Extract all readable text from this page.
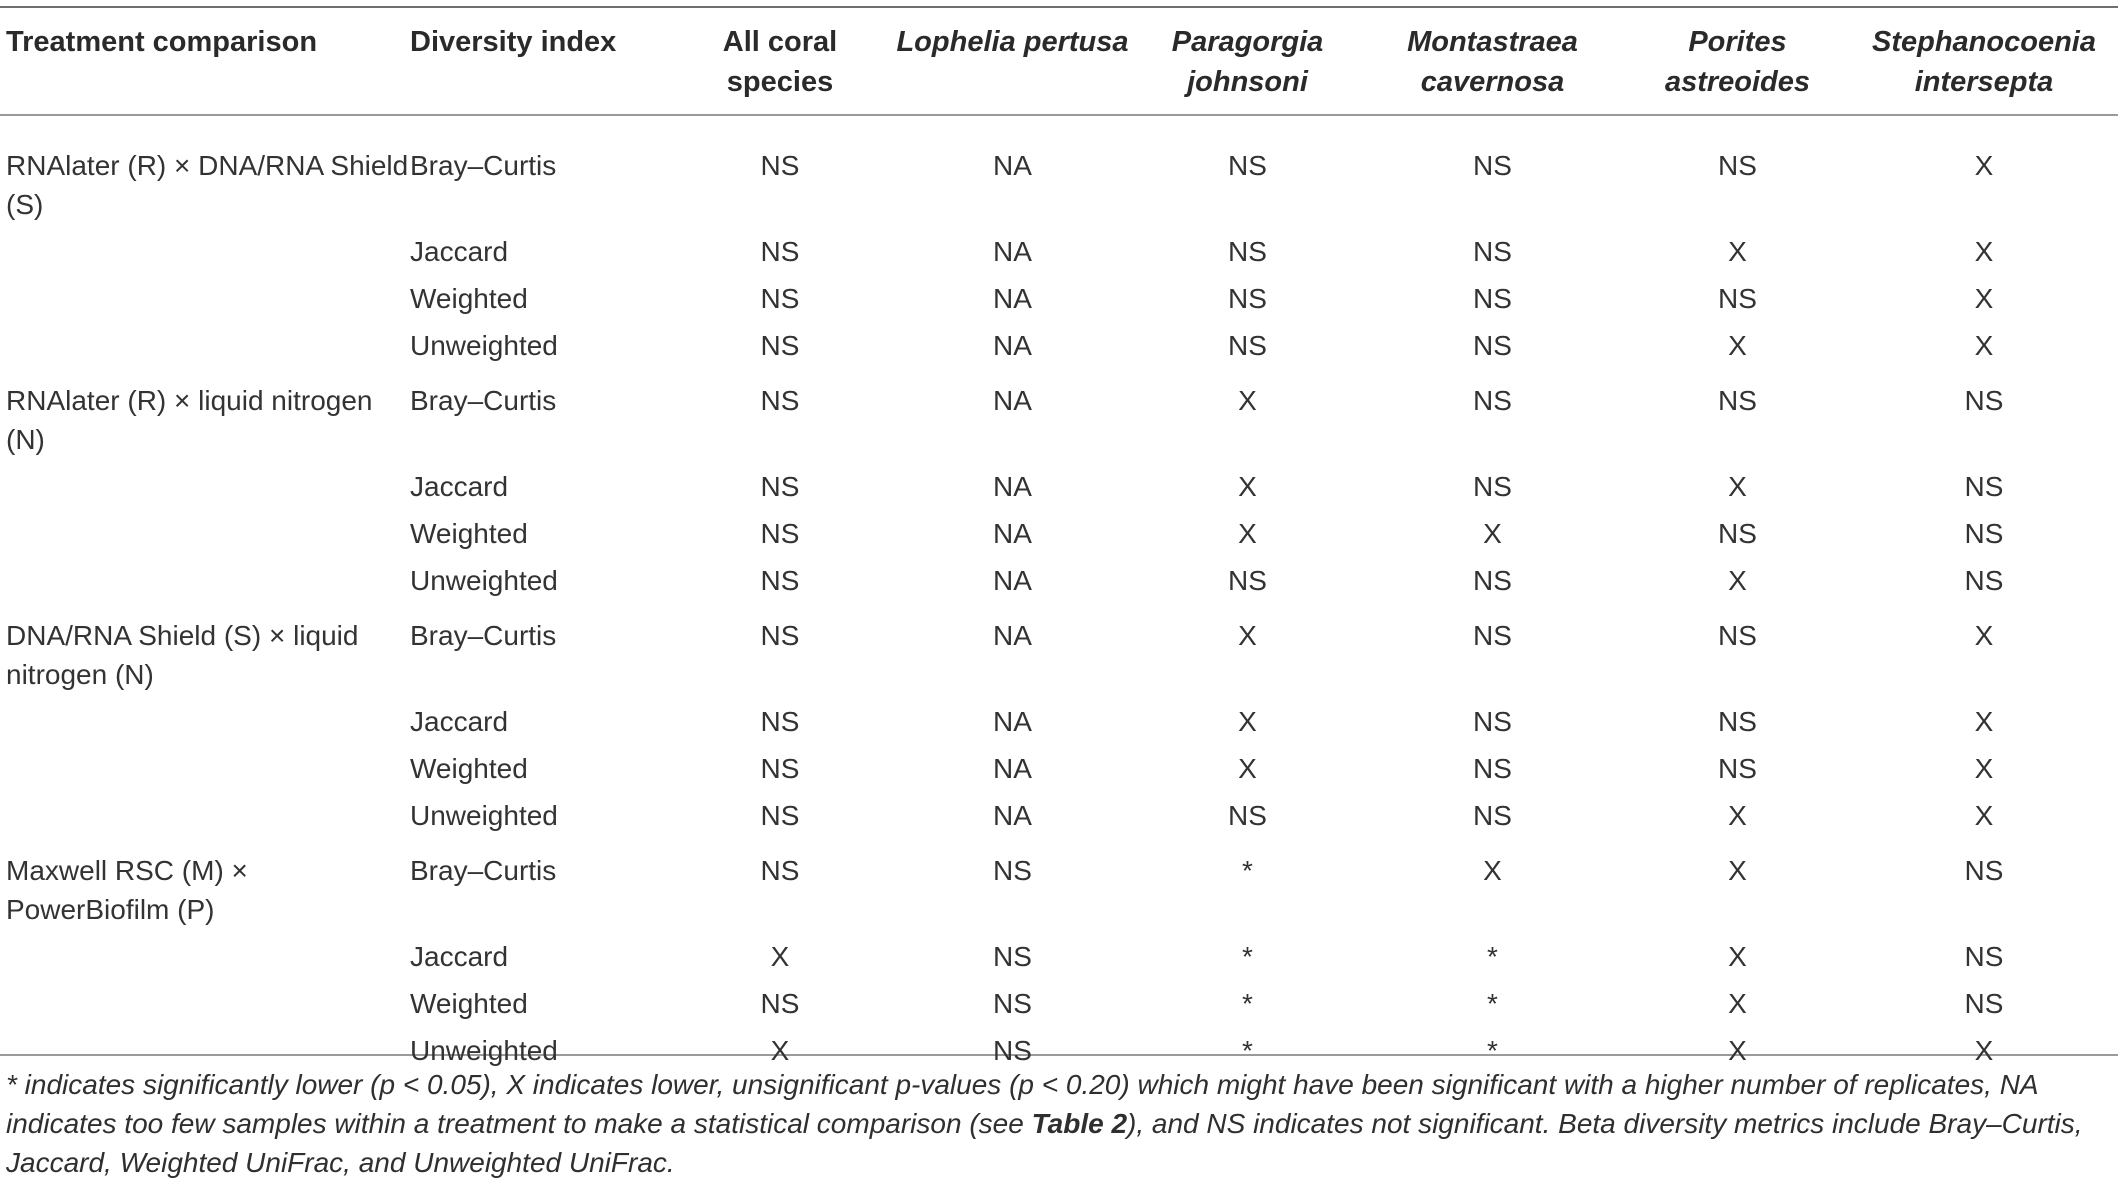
Treatment comparison	Diversity index	All coral species	Lophelia pertusa	Paragorgia johnsoni	Montastraea cavernosa	Porites astreoides	Stephanocoenia intersepta
RNAlater (R) × DNA/RNA Shield (S)	Bray–Curtis	NS	NA	NS	NS	NS	X
	Jaccard	NS	NA	NS	NS	X	X
	Weighted	NS	NA	NS	NS	NS	X
	Unweighted	NS	NA	NS	NS	X	X
RNAlater (R) × liquid nitrogen (N)	Bray–Curtis	NS	NA	X	NS	NS	NS
	Jaccard	NS	NA	X	NS	X	NS
	Weighted	NS	NA	X	X	NS	NS
	Unweighted	NS	NA	NS	NS	X	NS
DNA/RNA Shield (S) × liquid nitrogen (N)	Bray–Curtis	NS	NA	X	NS	NS	X
	Jaccard	NS	NA	X	NS	NS	X
	Weighted	NS	NA	X	NS	NS	X
	Unweighted	NS	NA	NS	NS	X	X
Maxwell RSC (M) × PowerBiofilm (P)	Bray–Curtis	NS	NS	*	X	X	NS
	Jaccard	X	NS	*	*	X	NS
	Weighted	NS	NS	*	*	X	NS
	Unweighted	X	NS	*	*	X	X
* indicates significantly lower (p < 0.05), X indicates lower, unsignificant p-values (p < 0.20) which might have been significant with a higher number of replicates, NA indicates too few samples within a treatment to make a statistical comparison (see Table 2), and NS indicates not significant. Beta diversity metrics include Bray–Curtis, Jaccard, Weighted UniFrac, and Unweighted UniFrac.
